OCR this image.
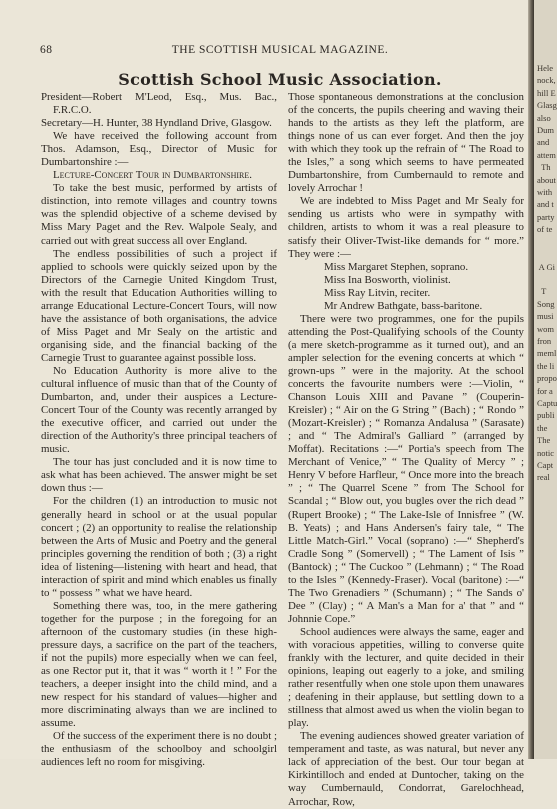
68	THE SCOTTISH MUSICAL MAGAZINE.
Scottish School Music Association.

President—Robert M'Leod, Esq., Mus. Bac., F.R.C.O.

Secretary—H. Hunter, 38 Hyndland Drive, Glasgow.

We have received the following account from Thos. Adamson, Esq., Director of Music for Dumbartonshire :—

Lecture-Concert Tour in Dumbartonshire.

To take the best music, performed by artists of distinction, into remote villages and country towns was the splendid objective of a scheme devised by Miss Mary Paget and the Rev. Walpole Sealy, and carried out with great success all over England.

The endless possibilities of such a project if applied to schools were quickly seized upon by the Directors of the Carnegie United Kingdom Trust, with the result that Education Authorities willing to arrange Educational Lecture-Concert Tours, will now have the assistance of both organisations, the advice of Miss Paget and Mr Sealy on the artistic and organising side, and the financial backing of the Carnegie Trust to guarantee against possible loss.

No Education Authority is more alive to the cultural influence of music than that of the County of Dumbarton, and, under their auspices a Lecture-Concert Tour of the County was recently arranged by the executive officer, and carried out under the direction of the Authority's three principal teachers of music.

The tour has just concluded and it is now time to ask what has been achieved. The answer might be set down thus :—

For the children (1) an introduction to music not generally heard in school or at the usual popular concert ; (2) an opportunity to realise the relationship between the Arts of Music and Poetry and the general principles governing the rendition of both ; (3) a right idea of listening—listening with heart and head, that interaction of spirit and mind which enables us finally to “ possess ” what we have heard.

Something there was, too, in the mere gathering together for the purpose ; in the foregoing for an afternoon of the customary studies (in these high-pressure days, a sacrifice on the part of the teachers, if not the pupils) more especially when we can feel, as one Rector put it, that it was “ worth it ! ” For the teachers, a deeper insight into the child mind, and a new respect for his standard of values—higher and more discriminating always than we are inclined to assume.

Of the success of the experiment there is no doubt ; the enthusiasm of the schoolboy and schoolgirl audiences left no room for misgiving.

Those spontaneous demonstrations at the conclusion of the concerts, the pupils cheering and waving their hands to the artists as they left the platform, are things none of us can ever forget. And then the joy with which they took up the refrain of “ The Road to the Isles,” a song which seems to have permeated Dumbartonshire, from Cumbernauld to remote and lovely Arrochar !

We are indebted to Miss Paget and Mr Sealy for sending us artists who were in sympathy with children, artists to whom it was a real pleasure to satisfy their Oliver-Twist-like demands for “ more.” They were :—

Miss Margaret Stephen, soprano.

Miss Ina Bosworth, violinist.

Miss Ray Litvin, reciter.

Mr Andrew Bathgate, bass-baritone.

There were two programmes, one for the pupils attending the Post-Qualifying schools of the County (a mere sketch-programme as it turned out), and an ampler selection for the evening concerts at which “ grown-ups ” were in the majority. At the school concerts the favourite numbers were :—Violin, “ Chanson Louis XIII and Pavane ” (Couperin-Kreisler) ; “ Air on the G String ” (Bach) ; “ Rondo ” (Mozart-Kreisler) ; “ Romanza Andalusa ” (Sarasate) ; and “ The Admiral's Galliard ” (arranged by Moffat). Recitations :—“ Portia's speech from The Merchant of Venice,” “ The Quality of Mercy ” ; Henry V before Harfleur, “ Once more into the breach ” ; “ The Quarrel Scene ” from The School for Scandal ; “ Blow out, you bugles over the rich dead ” (Rupert Brooke) ; “ The Lake-Isle of Innisfree ” (W. B. Yeats) ; and Hans Andersen's fairy tale, “ The Little Match-Girl.” Vocal (soprano) :—“ Shepherd's Cradle Song ” (Somervell) ; “ The Lament of Isis ” (Bantock) ; “ The Cuckoo ” (Lehmann) ; “ The Road to the Isles ” (Kennedy-Fraser). Vocal (baritone) :—“ The Two Grenadiers ” (Schumann) ; “ The Sands o' Dee ” (Clay) ; “ A Man's a Man for a' that ” and “ Johnnie Cope.”

School audiences were always the same, eager and with voracious appetities, willing to converse quite frankly with the lecturer, and quite decided in their opinions, leaping out eagerly to a joke, and smiling rather resentfully when one stole upon them unawares ; deafening in their applause, but settling down to a stillness that almost awed us when the violin began to play.

The evening audiences showed greater variation of temperament and taste, as was natural, but never any lack of appreciation of the best. Our tour began at Kirkintilloch and ended at Duntocher, taking on the way Cumbernauld, Condorrat, Garelochhead, Arrochar, Row,

Hele
nock,
hill E
Glasg
also
Dum
and
attem
Th
about
with
and t
party
of te

A Gi

T
Song
musi
wom
fron
meml
the li
propo
for a
Captu
publi
the
The
notic
Capt
real
